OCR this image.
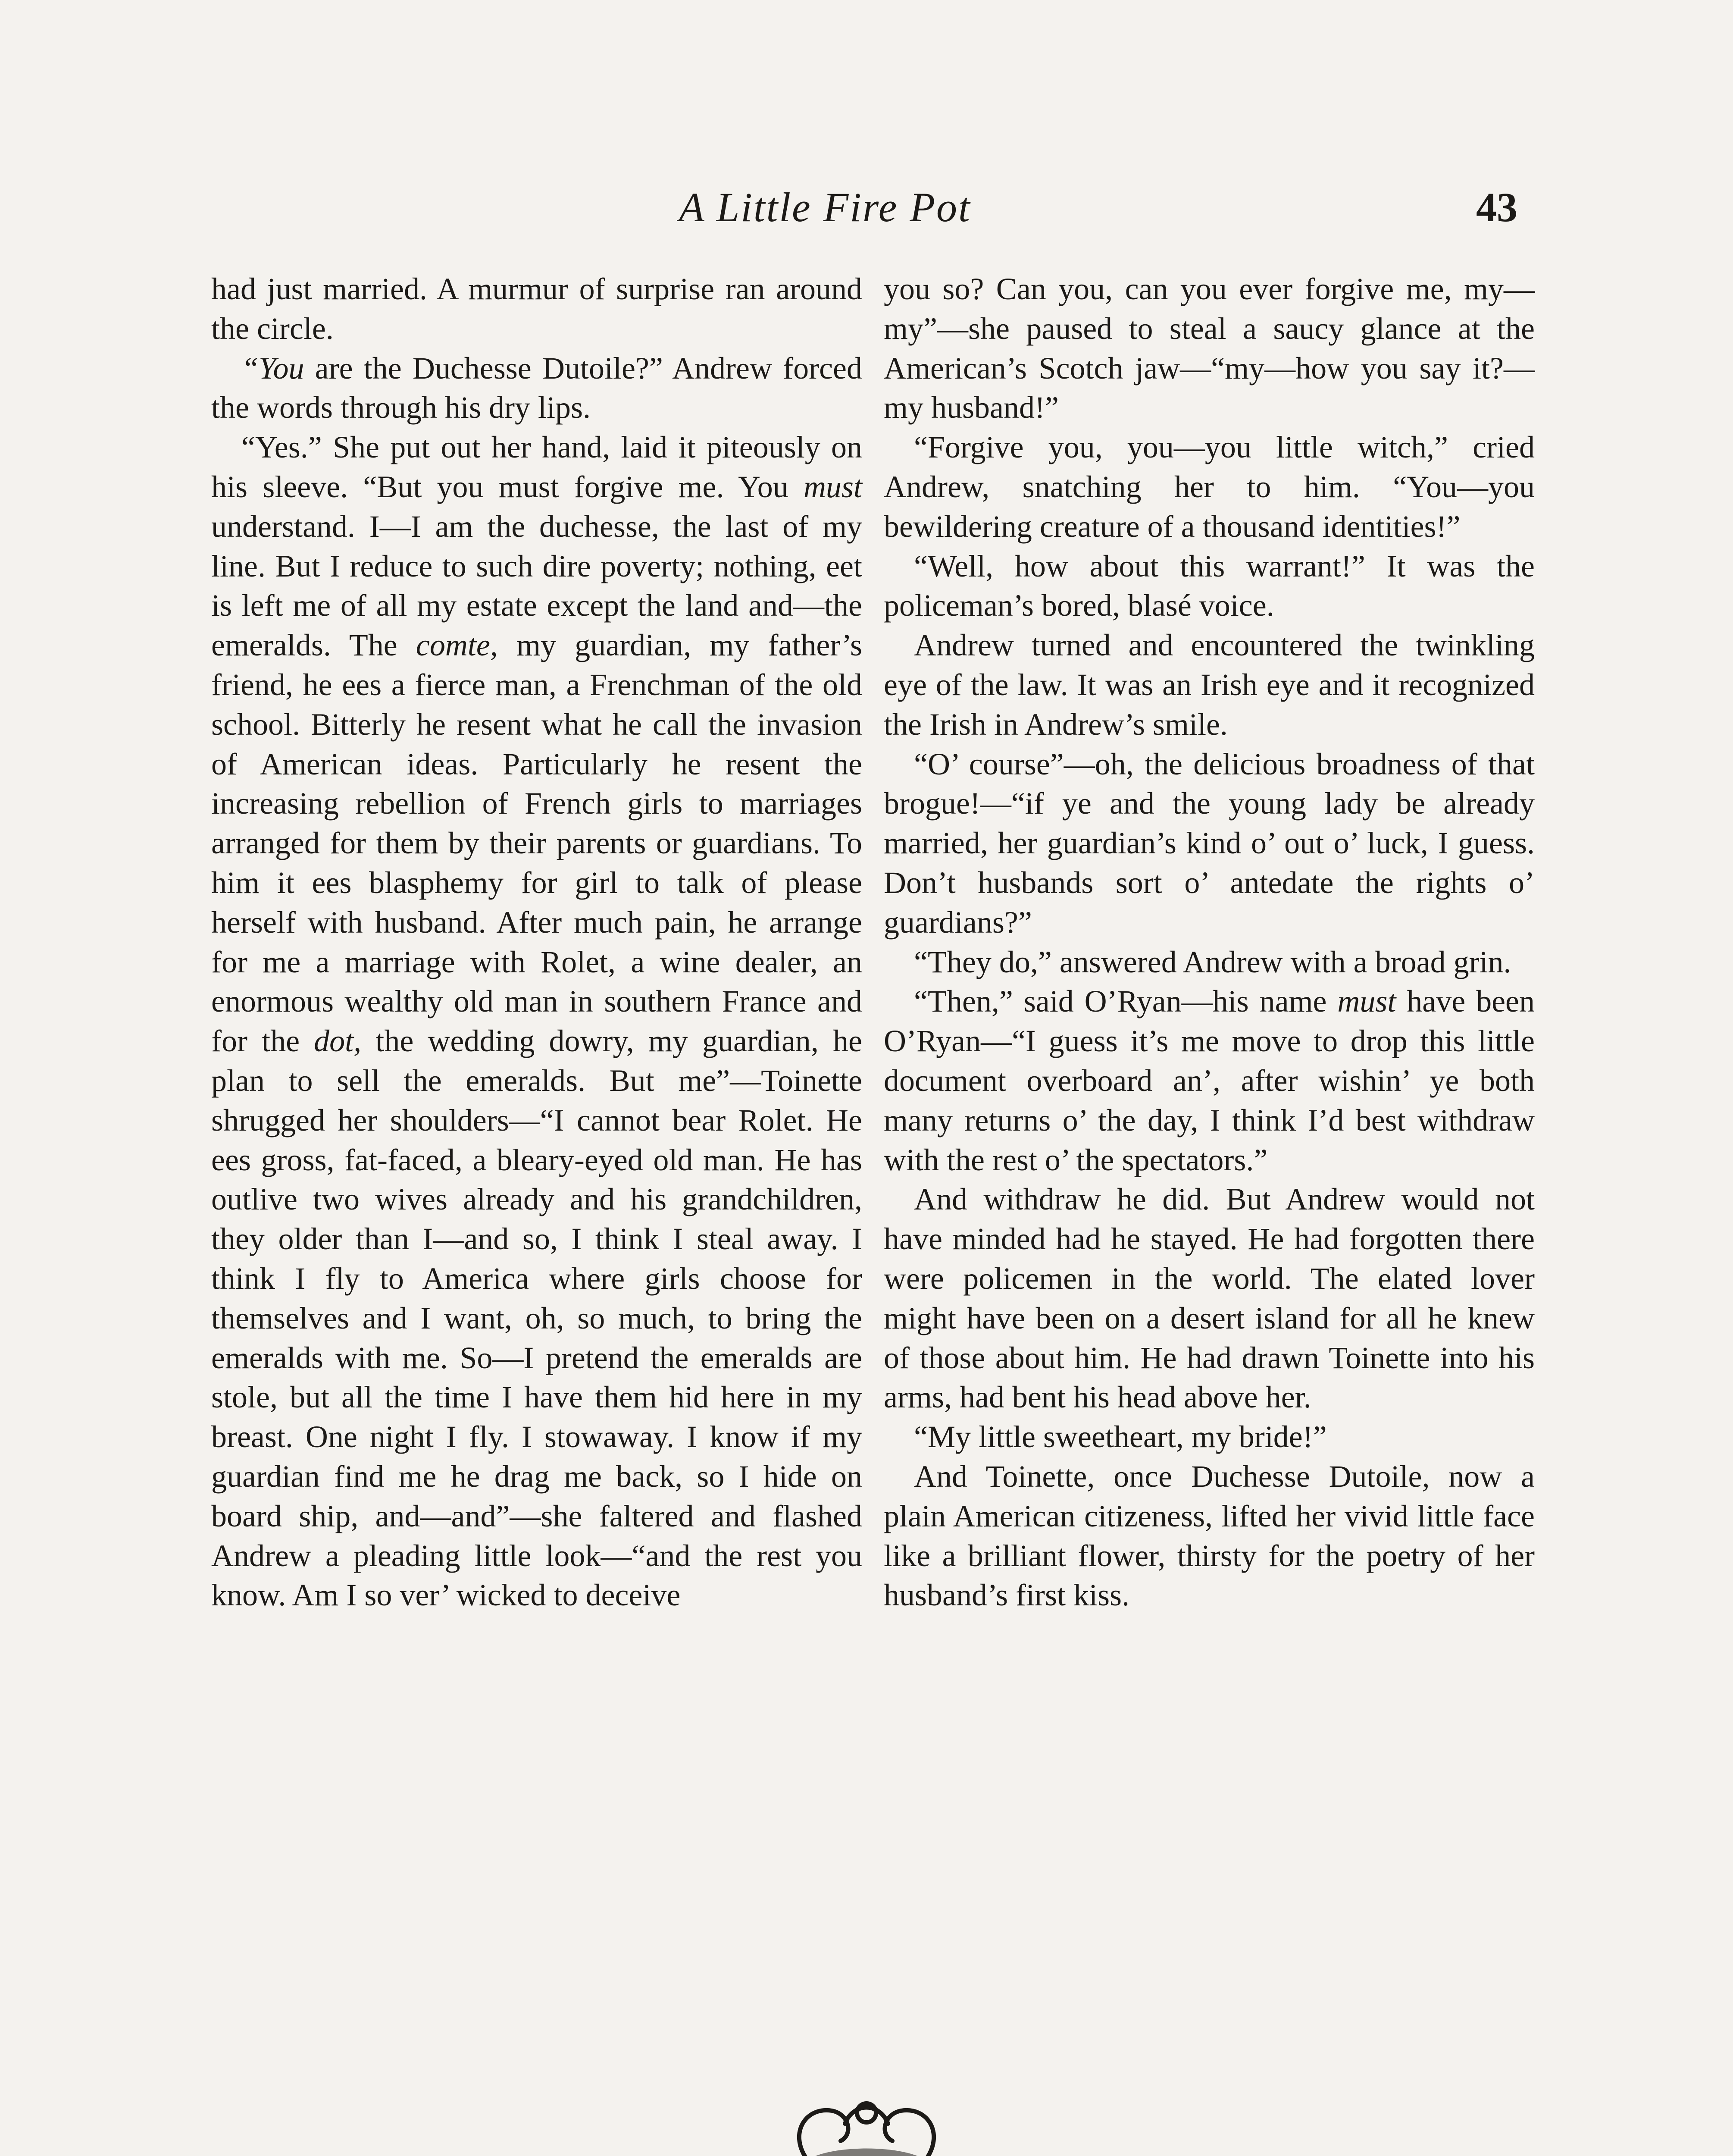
A Little Fire Pot	43

had just married. A murmur of surprise ran around the circle.

“You are the Duchesse Dutoile?” Andrew forced the words through his dry lips.

“Yes.” She put out her hand, laid it piteously on his sleeve. “But you must forgive me. You must understand. I—I am the duchesse, the last of my line. But I reduce to such dire poverty; nothing, eet is left me of all my estate except the land and—the emeralds. The comte, my guardian, my father’s friend, he ees a fierce man, a Frenchman of the old school. Bitterly he resent what he call the invasion of American ideas. Particularly he resent the increasing rebellion of French girls to marriages arranged for them by their parents or guardians. To him it ees blasphemy for girl to talk of please herself with husband. After much pain, he arrange for me a marriage with Rolet, a wine dealer, an enormous wealthy old man in southern France and for the dot, the wedding dowry, my guardian, he plan to sell the emeralds. But me”—Toinette shrugged her shoulders—“I cannot bear Rolet. He ees gross, fat-faced, a bleary-eyed old man. He has outlive two wives already and his grandchildren, they older than I—and so, I think I steal away. I think I fly to America where girls choose for themselves and I want, oh, so much, to bring the emeralds with me. So—I pretend the emeralds are stole, but all the time I have them hid here in my breast. One night I fly. I stowaway. I know if my guardian find me he drag me back, so I hide on board ship, and—and”—she faltered and flashed Andrew a pleading little look—“and the rest you know. Am I so ver’ wicked to deceive

you so? Can you, can you ever forgive me, my—my”—she paused to steal a saucy glance at the American’s Scotch jaw—“my—how you say it?—my husband!”

“Forgive you, you—you little witch,” cried Andrew, snatching her to him. “You—you bewildering creature of a thousand identities!”

“Well, how about this warrant!” It was the policeman’s bored, blasé voice.

Andrew turned and encountered the twinkling eye of the law. It was an Irish eye and it recognized the Irish in Andrew’s smile.

“O’ course”—oh, the delicious broadness of that brogue!—“if ye and the young lady be already married, her guardian’s kind o’ out o’ luck, I guess. Don’t husbands sort o’ antedate the rights o’ guardians?”

“They do,” answered Andrew with a broad grin.

“Then,” said O’Ryan—his name must have been O’Ryan—“I guess it’s me move to drop this little document overboard an’, after wishin’ ye both many returns o’ the day, I think I’d best withdraw with the rest o’ the spectators.”

And withdraw he did. But Andrew would not have minded had he stayed. He had forgotten there were policemen in the world. The elated lover might have been on a desert island for all he knew of those about him. He had drawn Toinette into his arms, had bent his head above her.

“My little sweetheart, my bride!”

And Toinette, once Duchesse Dutoile, now a plain American citizeness, lifted her vivid little face like a brilliant flower, thirsty for the poetry of her husband’s first kiss.
